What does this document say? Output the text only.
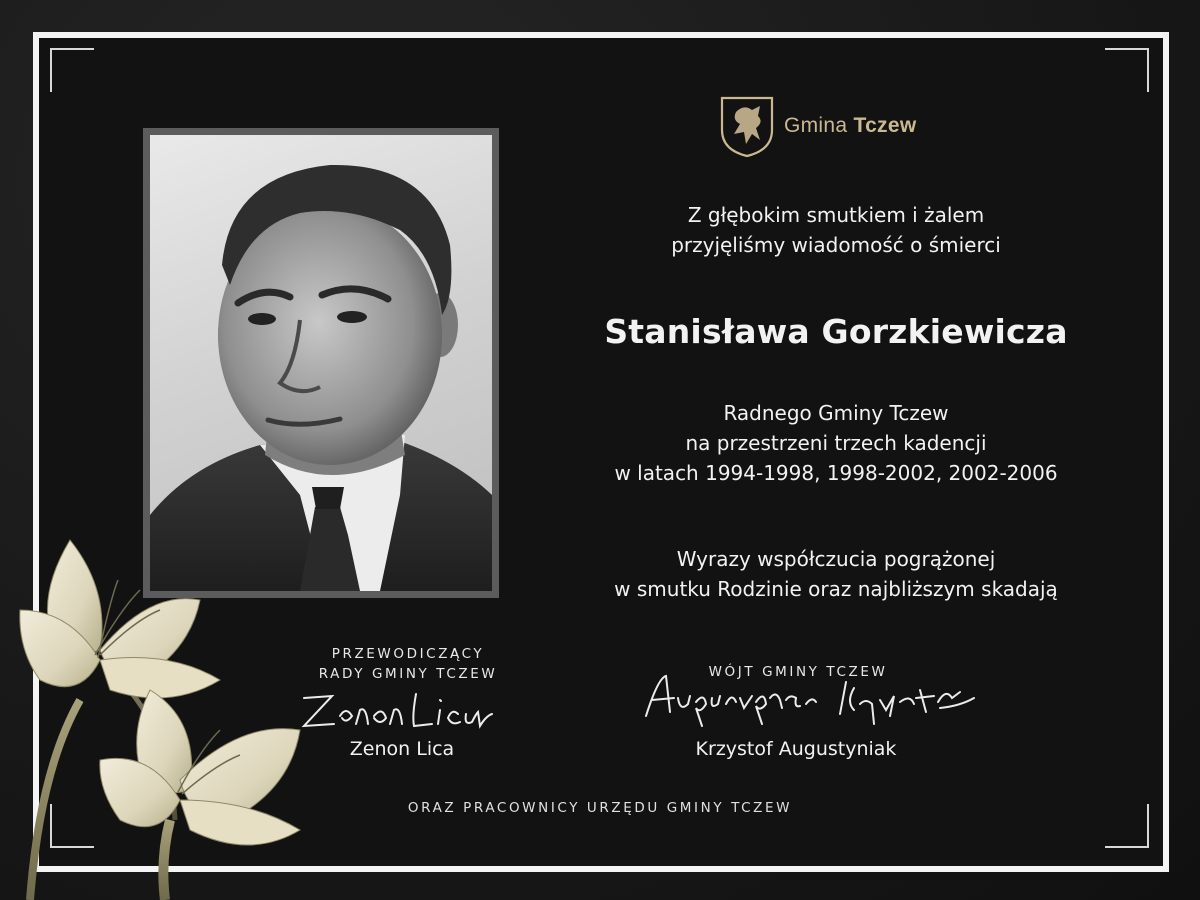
Gmina Tczew
Z głębokim smutkiem i żalem
przyjęliśmy wiadomość o śmierci
Stanisława Gorzkiewicza
Radnego Gminy Tczew
na przestrzeni trzech kadencji
w latach 1994-1998, 1998-2002, 2002-2006
Wyrazy współczucia pogrążonej
w smutku Rodzinie oraz najbliższym skadają
PRZEWODICZĄCY
RADY GMINY TCZEW
Zenon Lica
WÓJT GMINY TCZEW
Krzystof Augustyniak
ORAZ PRACOWNICY URZĘDU GMINY TCZEW
